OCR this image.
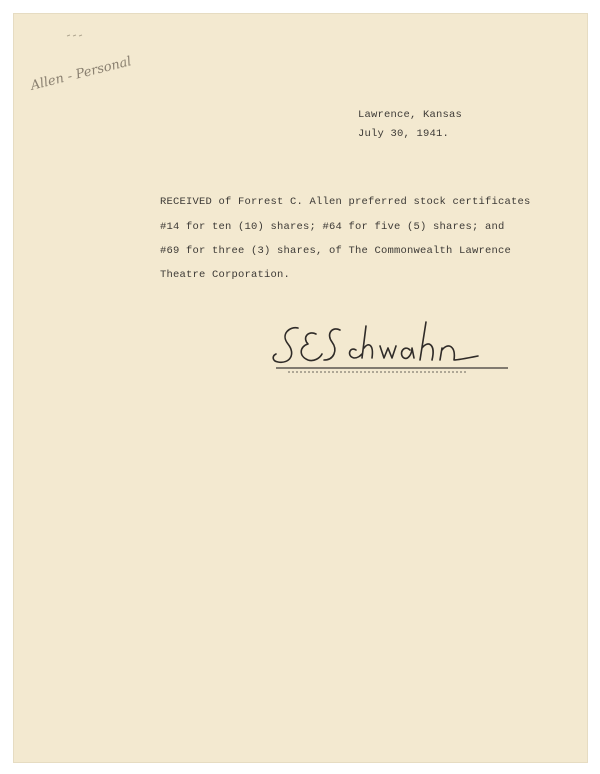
Allen - Personal
Lawrence, Kansas
July 30, 1941.
RECEIVED of Forrest C. Allen preferred stock certificates
#14 for ten (10) shares; #64 for five (5) shares; and
#69 for three (3) shares, of The Commonwealth Lawrence
Theatre Corporation.
